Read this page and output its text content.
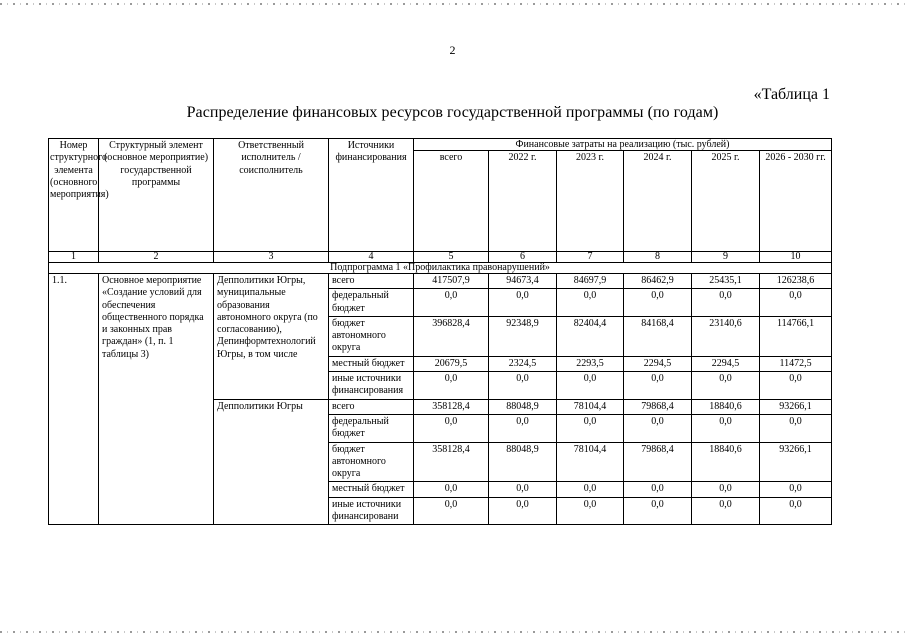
2
«Таблица 1
Распределение финансовых ресурсов государственной программы (по годам)
Номер структурного элемента (основного мероприятия)	Структурный элемент (основное мероприятие) государственной программы	Ответственный исполнитель / соисполнитель	Источники финансирования	Финансовые затраты на реализацию (тыс. рублей)					
				всего	2022 г.	2023 г.	2024 г.	2025 г.	2026 - 2030 гг.
1	2	3	4	5	6	7	8	9	10
Подпрограмма 1 «Профилактика правонарушений»									
1.1.	Основное мероприятие «Создание условий для обеспечения общественного порядка и законных прав граждан» (1, п. 1 таблицы 3)	Депполитики Югры, муниципальные образования автономного округа (по согласованию), Депинформтехнологий Югры, в том числе	всего	417507,9	94673,4	84697,9	86462,9	25435,1	126238,6
			федеральный бюджет	0,0	0,0	0,0	0,0	0,0	0,0
			бюджет автономного округа	396828,4	92348,9	82404,4	84168,4	23140,6	114766,1
			местный бюджет	20679,5	2324,5	2293,5	2294,5	2294,5	11472,5
			иные источники финансирования	0,0	0,0	0,0	0,0	0,0	0,0
		Депполитики Югры	всего	358128,4	88048,9	78104,4	79868,4	18840,6	93266,1
			федеральный бюджет	0,0	0,0	0,0	0,0	0,0	0,0
			бюджет автономного округа	358128,4	88048,9	78104,4	79868,4	18840,6	93266,1
			местный бюджет	0,0	0,0	0,0	0,0	0,0	0,0
			иные источники финансировани	0,0	0,0	0,0	0,0	0,0	0,0
